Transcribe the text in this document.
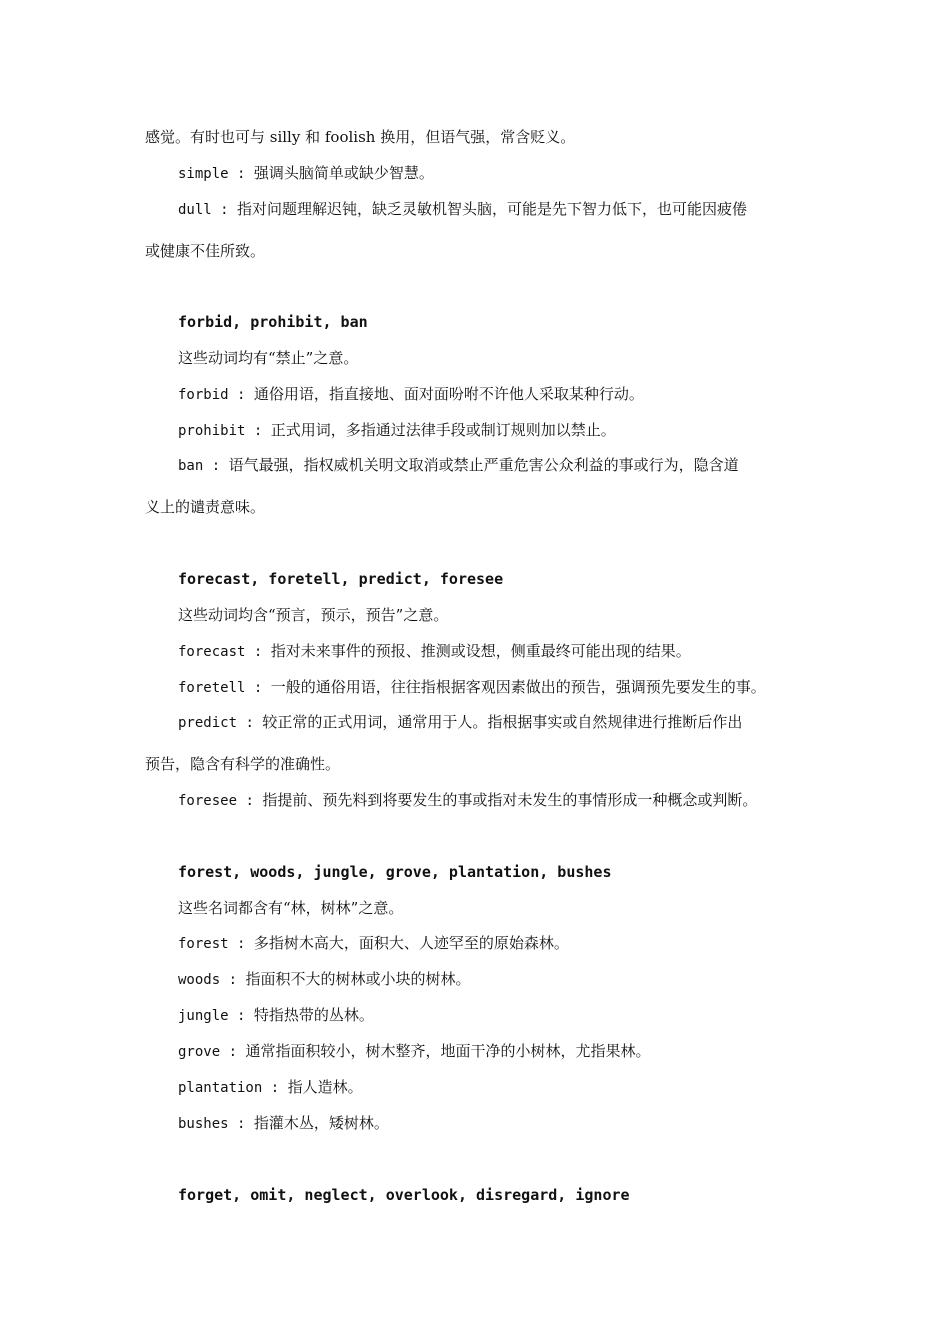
感觉。有时也可与 silly 和 foolish 换用，但语气强，常含贬义。
simple : 强调头脑简单或缺少智慧。
dull : 指对问题理解迟钝，缺乏灵敏机智头脑，可能是先下智力低下，也可能因疲倦
或健康不佳所致。
forbid, prohibit, ban
这些动词均有“禁止”之意。
forbid : 通俗用语，指直接地、面对面吩咐不许他人采取某种行动。
prohibit : 正式用词，多指通过法律手段或制订规则加以禁止。
ban : 语气最强，指权威机关明文取消或禁止严重危害公众利益的事或行为，隐含道
义上的谴责意味。
forecast, foretell, predict, foresee
这些动词均含“预言，预示，预告”之意。
forecast : 指对未来事件的预报、推测或设想，侧重最终可能出现的结果。
foretell : 一般的通俗用语，往往指根据客观因素做出的预告，强调预先要发生的事。
predict : 较正常的正式用词，通常用于人。指根据事实或自然规律进行推断后作出
预告，隐含有科学的准确性。
foresee : 指提前、预先料到将要发生的事或指对未发生的事情形成一种概念或判断。
forest, woods, jungle, grove, plantation, bushes
这些名词都含有“林，树林”之意。
forest : 多指树木高大，面积大、人迹罕至的原始森林。
woods : 指面积不大的树林或小块的树林。
jungle : 特指热带的丛林。
grove : 通常指面积较小，树木整齐，地面干净的小树林，尤指果林。
plantation : 指人造林。
bushes : 指灌木丛，矮树林。
forget, omit, neglect, overlook, disregard, ignore
